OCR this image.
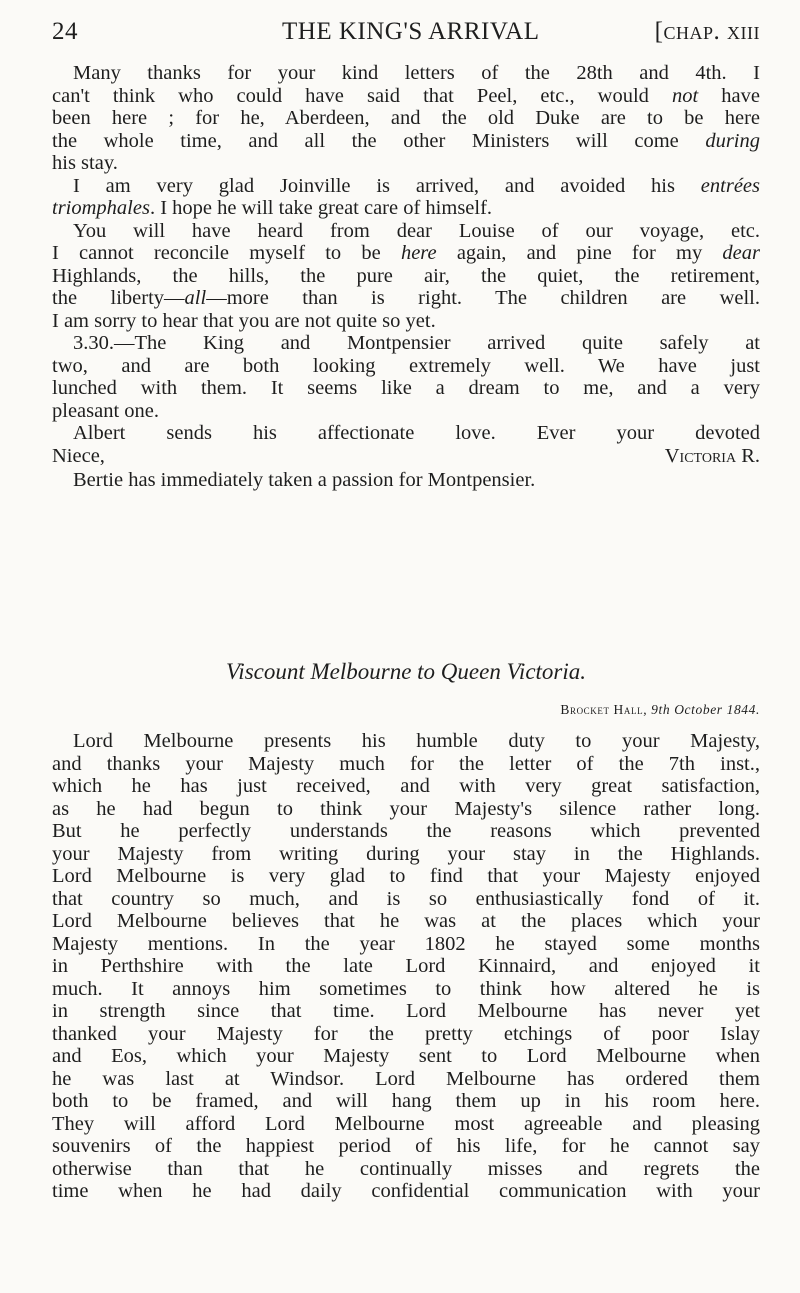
24	THE KING'S ARRIVAL	[chap. xiii
Many thanks for your kind letters of the 28th and 4th. I
can't think who could have said that Peel, etc., would not have
been here ; for he, Aberdeen, and the old Duke are to be here
the whole time, and all the other Ministers will come during
his stay.
I am very glad Joinville is arrived, and avoided his entrées
triomphales. I hope he will take great care of himself.
You will have heard from dear Louise of our voyage, etc.
I cannot reconcile myself to be here again, and pine for my dear
Highlands, the hills, the pure air, the quiet, the retirement,
the liberty—all—more than is right. The children are well.
I am sorry to hear that you are not quite so yet.
3.30.—The King and Montpensier arrived quite safely at
two, and are both looking extremely well. We have just
lunched with them. It seems like a dream to me, and a very
pleasant one.
Albert sends his affectionate love. Ever your devoted
Niece,	Victoria R.
Bertie has immediately taken a passion for Montpensier.
Viscount Melbourne to Queen Victoria.
Brocket Hall, 9th October 1844.
Lord Melbourne presents his humble duty to your Majesty,
and thanks your Majesty much for the letter of the 7th inst.,
which he has just received, and with very great satisfaction,
as he had begun to think your Majesty's silence rather long.
But he perfectly understands the reasons which prevented
your Majesty from writing during your stay in the Highlands.
Lord Melbourne is very glad to find that your Majesty enjoyed
that country so much, and is so enthusiastically fond of it.
Lord Melbourne believes that he was at the places which your
Majesty mentions. In the year 1802 he stayed some months
in Perthshire with the late Lord Kinnaird, and enjoyed it
much. It annoys him sometimes to think how altered he is
in strength since that time. Lord Melbourne has never yet
thanked your Majesty for the pretty etchings of poor Islay
and Eos, which your Majesty sent to Lord Melbourne when
he was last at Windsor. Lord Melbourne has ordered them
both to be framed, and will hang them up in his room here.
They will afford Lord Melbourne most agreeable and pleasing
souvenirs of the happiest period of his life, for he cannot say
otherwise than that he continually misses and regrets the
time when he had daily confidential communication with your
